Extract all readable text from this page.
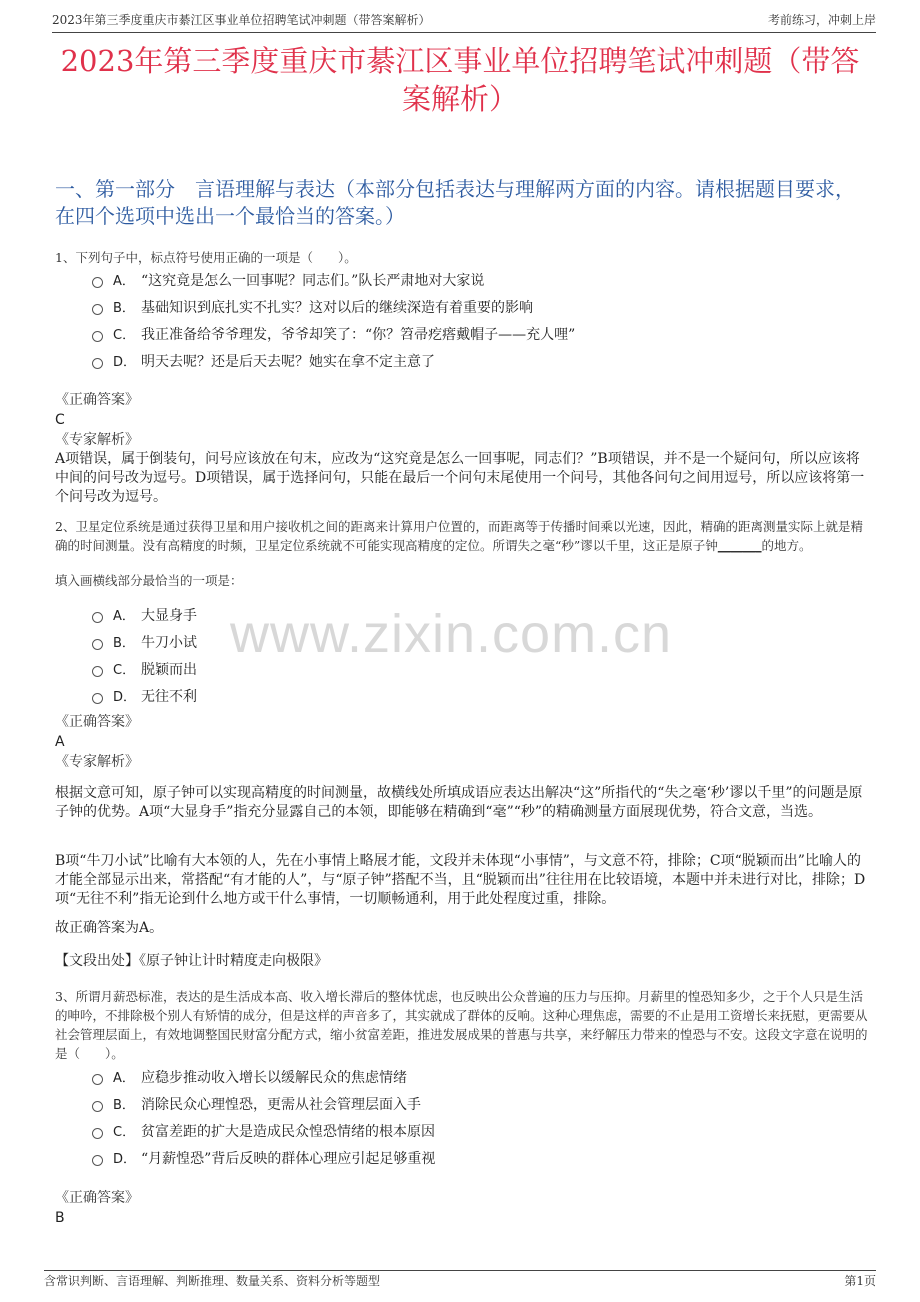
2023年第三季度重庆市綦江区事业单位招聘笔试冲刺题（带答案解析）	考前练习，冲刺上岸
2023年第三季度重庆市綦江区事业单位招聘笔试冲刺题（带答案解析）
一、第一部分　言语理解与表达（本部分包括表达与理解两方面的内容。请根据题目要求，在四个选项中选出一个最恰当的答案。）

1、下列句子中，标点符号使用正确的一项是（　　）。

A． “这究竟是怎么一回事呢？同志们。”队长严肃地对大家说
B． 基础知识到底扎实不扎实？这对以后的继续深造有着重要的影响
C． 我正准备给爷爷理发，爷爷却笑了：“你？笤帚疙瘩戴帽子——充人哩”
D． 明天去呢？还是后天去呢？她实在拿不定主意了
《正确答案》
C
《专家解析》

A项错误，属于倒装句，问号应该放在句末，应改为“这究竟是怎么一回事呢，同志们？”B项错误，并不是一个疑问句，所以应该将中间的问号改为逗号。D项错误，属于选择问句，只能在最后一个问句末尾使用一个问号，其他各问句之间用逗号，所以应该将第一个问号改为逗号。

2、卫星定位系统是通过获得卫星和用户接收机之间的距离来计算用户位置的，而距离等于传播时间乘以光速，因此，精确的距离测量实际上就是精确的时间测量。没有高精度的时频，卫星定位系统就不可能实现高精度的定位。所谓失之毫“秒”谬以千里，这正是原子钟_______的地方。

填入画横线部分最恰当的一项是：

A． 大显身手
B． 牛刀小试
C． 脱颖而出
D． 无往不利
《正确答案》
A
《专家解析》

根据文意可知，原子钟可以实现高精度的时间测量，故横线处所填成语应表达出解决“这”所指代的“失之毫‘秒’谬以千里”的问题是原子钟的优势。A项“大显身手”指充分显露自己的本领，即能够在精确到“毫”“秒”的精确测量方面展现优势，符合文意，当选。

B项“牛刀小试”比喻有大本领的人，先在小事情上略展才能，文段并未体现“小事情”，与文意不符，排除；C项“脱颖而出”比喻人的才能全部显示出来，常搭配“有才能的人”，与“原子钟”搭配不当，且“脱颖而出”往往用在比较语境，本题中并未进行对比，排除；D项“无往不利”指无论到什么地方或干什么事情，一切顺畅通利，用于此处程度过重，排除。

故正确答案为A。

【文段出处】《原子钟让计时精度走向极限》

3、所谓月薪恐标准，表达的是生活成本高、收入增长滞后的整体忧虑，也反映出公众普遍的压力与压抑。月薪里的惶恐知多少，之于个人只是生活的呻吟，不排除极个别人有矫情的成分，但是这样的声音多了，其实就成了群体的反响。这种心理焦虑，需要的不止是用工资增长来抚慰，更需要从社会管理层面上，有效地调整国民财富分配方式，缩小贫富差距，推进发展成果的普惠与共享，来纾解压力带来的惶恐与不安。这段文字意在说明的是（　　）。

A． 应稳步推动收入增长以缓解民众的焦虑情绪
B． 消除民众心理惶恐，更需从社会管理层面入手
C． 贫富差距的扩大是造成民众惶恐情绪的根本原因
D． “月薪惶恐”背后反映的群体心理应引起足够重视
《正确答案》
B
www.zixin.com.cn
含常识判断、言语理解、判断推理、数量关系、资料分析等题型	第1页
